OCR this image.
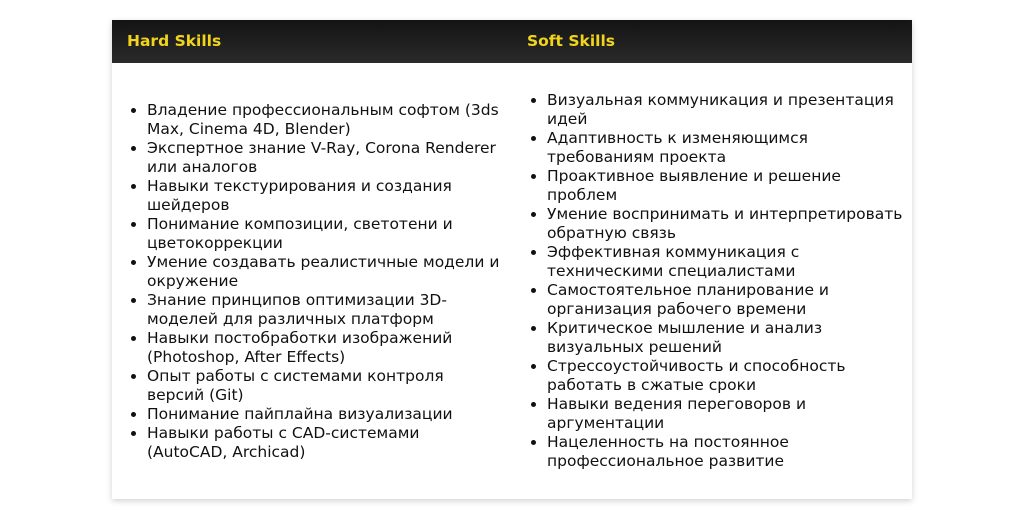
Hard Skills	Soft Skills
Владение профессиональным софтом (3ds Max, Cinema 4D, Blender)
Экспертное знание V-Ray, Corona Renderer или аналогов
Навыки текстурирования и создания шейдеров
Понимание композиции, светотени и цветокоррекции
Умение создавать реалистичные модели и окружение
Знание принципов оптимизации 3D-моделей для различных платформ
Навыки постобработки изображений (Photoshop, After Effects)
Опыт работы с системами контроля версий (Git)
Понимание пайплайна визуализации
Навыки работы с CAD-системами (AutoCAD, Archicad)
Визуальная коммуникация и презентация идей
Адаптивность к изменяющимся требованиям проекта
Проактивное выявление и решение проблем
Умение воспринимать и интерпретировать обратную связь
Эффективная коммуникация с техническими специалистами
Самостоятельное планирование и организация рабочего времени
Критическое мышление и анализ визуальных решений
Стрессоустойчивость и способность работать в сжатые сроки
Навыки ведения переговоров и аргументации
Нацеленность на постоянное профессиональное развитие
